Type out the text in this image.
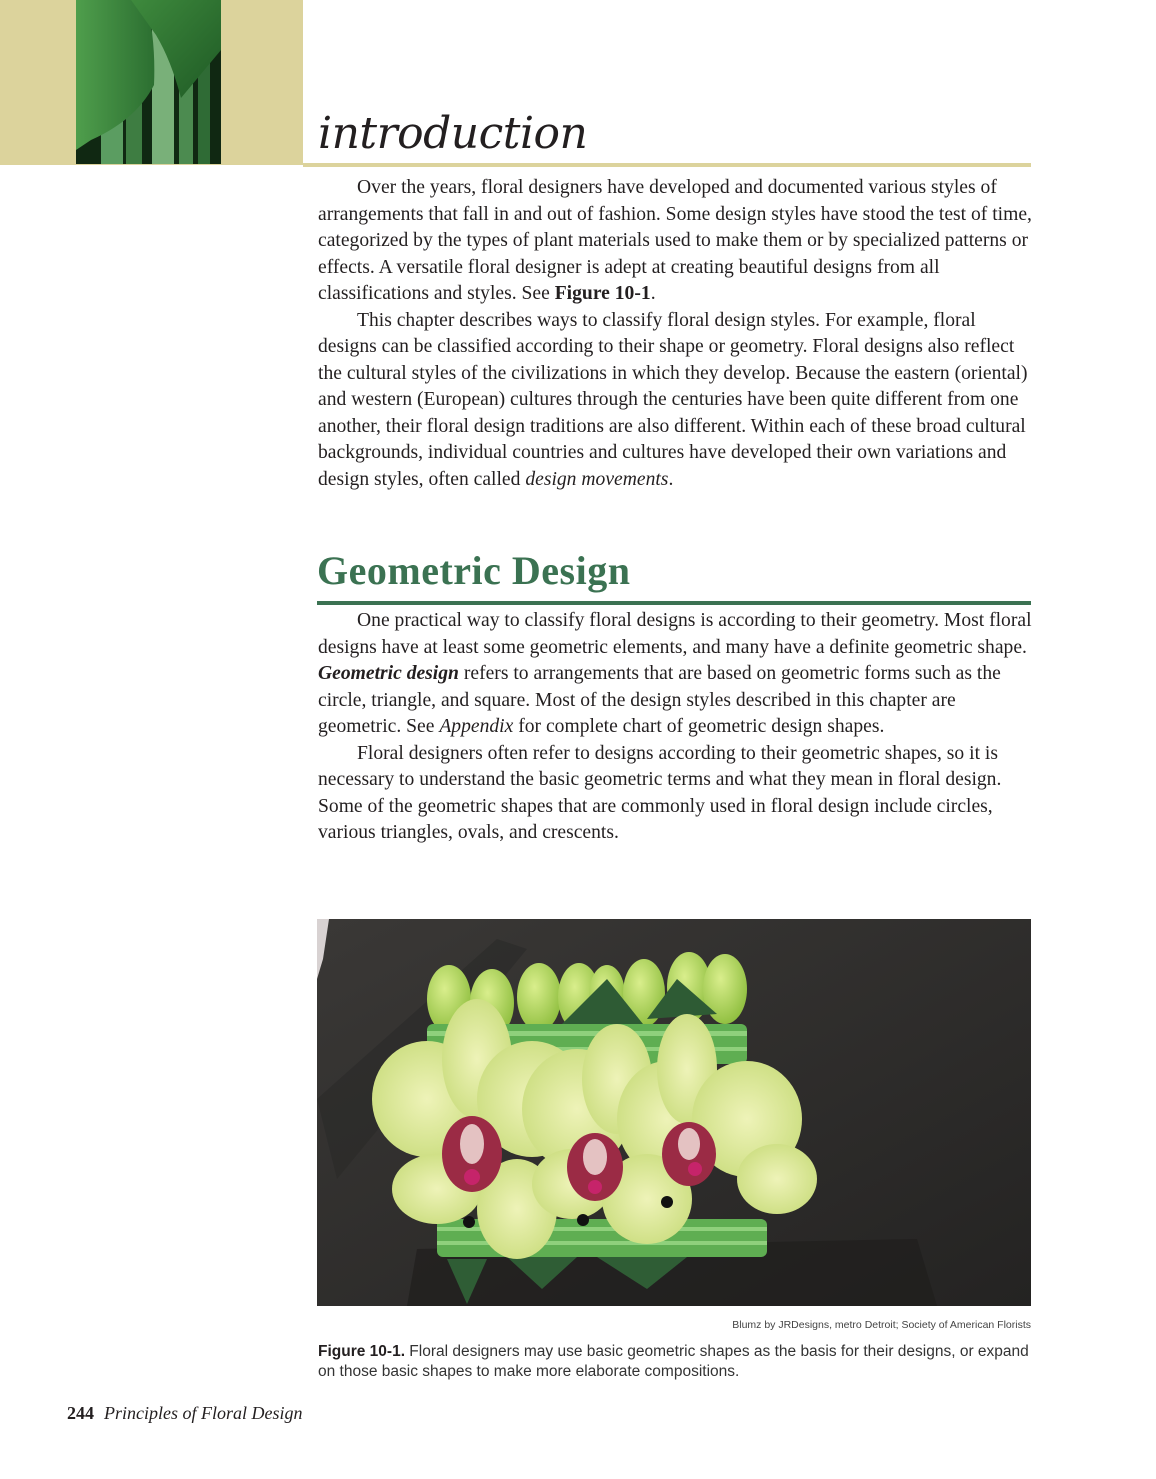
introduction

Over the years, floral designers have developed and documented various styles of arrangements that fall in and out of fashion. Some design styles have stood the test of time, categorized by the types of plant materials used to make them or by specialized patterns or effects. A versatile floral designer is adept at creating beautiful designs from all classifications and styles. See Figure 10-1.

This chapter describes ways to classify floral design styles. For example, floral designs can be classified according to their shape or geometry. Floral designs also reflect the cultural styles of the civilizations in which they develop. Because the eastern (oriental) and western (European) cultures through the centuries have been quite different from one another, their floral design traditions are also different. Within each of these broad cultural backgrounds, individual countries and cultures have developed their own variations and design styles, often called design movements.

Geometric Design

One practical way to classify floral designs is according to their geometry. Most floral designs have at least some geometric elements, and many have a definite geometric shape. Geometric design refers to arrangements that are based on geometric forms such as the circle, triangle, and square. Most of the design styles described in this chapter are geometric. See Appendix for complete chart of geometric design shapes.

Floral designers often refer to designs according to their geometric shapes, so it is necessary to understand the basic geometric terms and what they mean in floral design. Some of the geometric shapes that are commonly used in floral design include circles, various triangles, ovals, and crescents.

Blumz by JRDesigns, metro Detroit; Society of American Florists
Figure 10-1. Floral designers may use basic geometric shapes as the basis for their designs, or expand on those basic shapes to make more elaborate compositions.
244 Principles of Floral Design
